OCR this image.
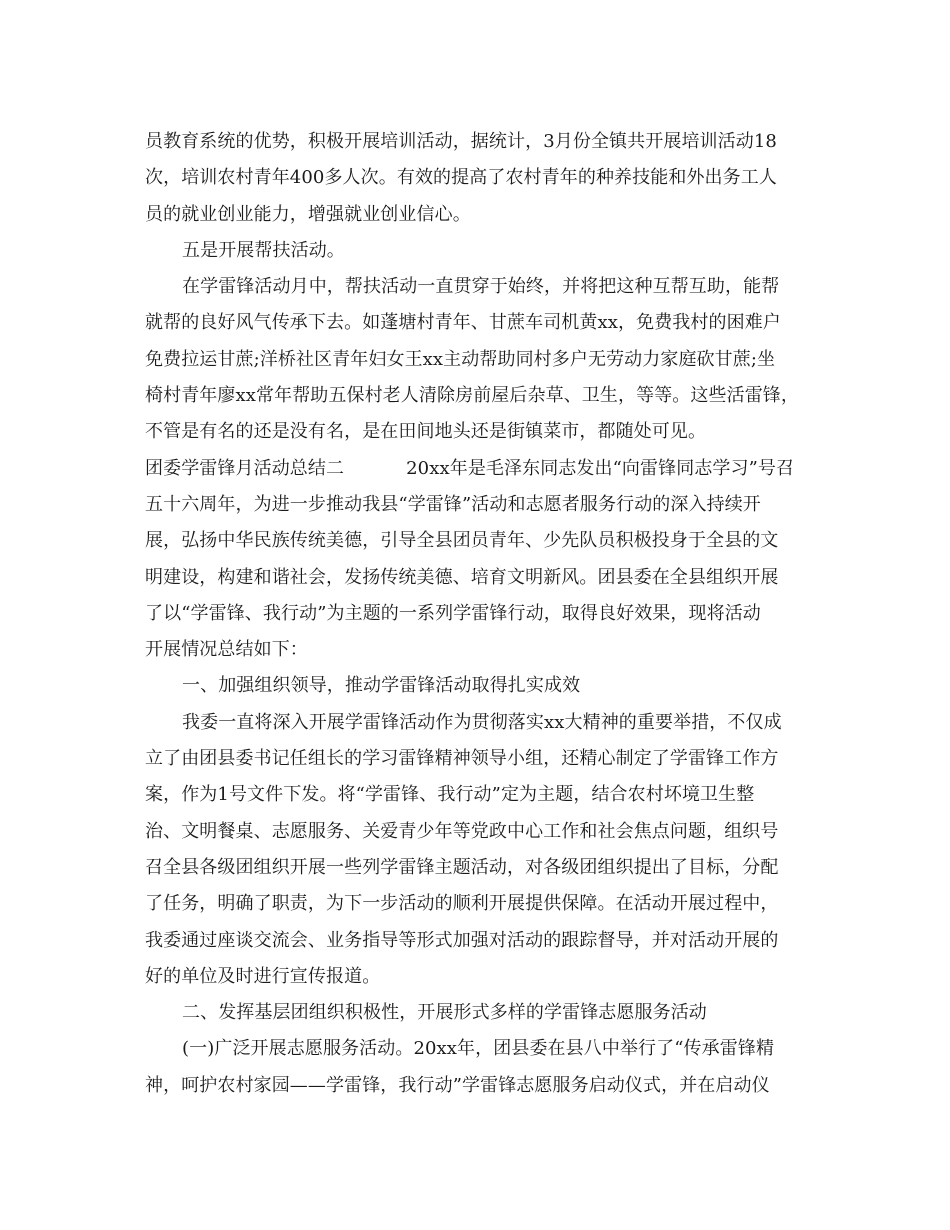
员教育系统的优势，积极开展培训活动，据统计，3月份全镇共开展培训活动18
次，培训农村青年400多人次。有效的提高了农村青年的种养技能和外出务工人
员的就业创业能力，增强就业创业信心。
五是开展帮扶活动。
在学雷锋活动月中，帮扶活动一直贯穿于始终，并将把这种互帮互助，能帮
就帮的良好风气传承下去。如蓬塘村青年、甘蔗车司机黄xx，免费我村的困难户
免费拉运甘蔗;洋桥社区青年妇女王xx主动帮助同村多户无劳动力家庭砍甘蔗;坐
椅村青年廖xx常年帮助五保村老人清除房前屋后杂草、卫生，等等。这些活雷锋，
不管是有名的还是没有名，是在田间地头还是街镇菜市，都随处可见。
团委学雷锋月活动总结二	20xx年是毛泽东同志发出“向雷锋同志学习”号召
五十六周年，为进一步推动我县“学雷锋”活动和志愿者服务行动的深入持续开
展，弘扬中华民族传统美德，引导全县团员青年、少先队员积极投身于全县的文
明建设，构建和谐社会，发扬传统美德、培育文明新风。团县委在全县组织开展
了以“学雷锋、我行动”为主题的一系列学雷锋行动，取得良好效果，现将活动
开展情况总结如下：
一、加强组织领导，推动学雷锋活动取得扎实成效
我委一直将深入开展学雷锋活动作为贯彻落实xx大精神的重要举措，不仅成
立了由团县委书记任组长的学习雷锋精神领导小组，还精心制定了学雷锋工作方
案，作为1号文件下发。将“学雷锋、我行动”定为主题，结合农村坏境卫生整
治、文明餐桌、志愿服务、关爱青少年等党政中心工作和社会焦点问题，组织号
召全县各级团组织开展一些列学雷锋主题活动，对各级团组织提出了目标，分配
了任务，明确了职责，为下一步活动的顺利开展提供保障。在活动开展过程中，
我委通过座谈交流会、业务指导等形式加强对活动的跟踪督导，并对活动开展的
好的单位及时进行宣传报道。
二、发挥基层团组织积极性，开展形式多样的学雷锋志愿服务活动
(一)广泛开展志愿服务活动。20xx年，团县委在县八中举行了“传承雷锋精
神，呵护农村家园——学雷锋，我行动”学雷锋志愿服务启动仪式，并在启动仪
